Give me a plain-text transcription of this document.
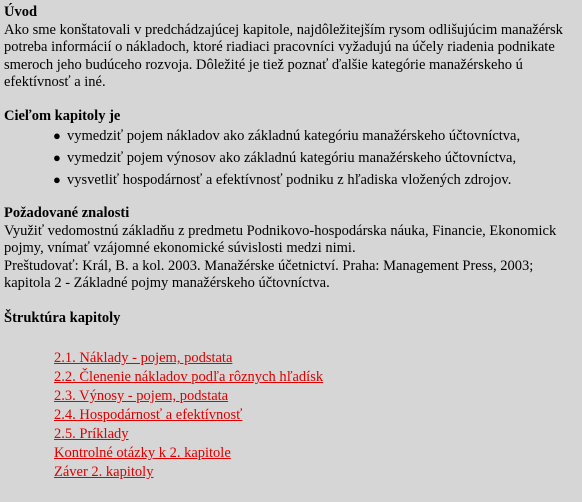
Úvod

Ako sme konštatovali v predchádzajúcej kapitole, najdôležitejším rysom odlišujúcim manažérsk
potreba informácií o nákladoch, ktoré riadiaci pracovníci vyžadujú na účely riadenia podnikate
smeroch jeho budúceho rozvoja. Dôležité je tiež poznať ďalšie kategórie manažérskeho ú
efektívnosť a iné.

Cieľom kapitoly je
● vymedziť pojem nákladov ako základnú kategóriu manažérskeho účtovníctva,
● vymedziť pojem výnosov ako základnú kategóriu manažérskeho účtovníctva,
● vysvetliť hospodárnosť a efektívnosť podniku z hľadiska vložených zdrojov.
Požadované znalosti

Využiť vedomostnú základňu z predmetu Podnikovo-hospodárska náuka, Financie, Ekonomick
pojmy, vnímať vzájomné ekonomické súvislosti medzi nimi.
Preštudovať: Král, B. a kol. 2003. Manažérske účetnictví. Praha: Management Press, 2003;
kapitola 2 - Základné pojmy manažérskeho účtovníctva.

Štruktúra kapitoly
2.1. Náklady - pojem, podstata
2.2. Členenie nákladov podľa rôznych hľadísk
2.3. Výnosy - pojem, podstata
2.4. Hospodárnosť a efektívnosť
2.5. Príklady
Kontrolné otázky k 2. kapitole
Záver 2. kapitoly
